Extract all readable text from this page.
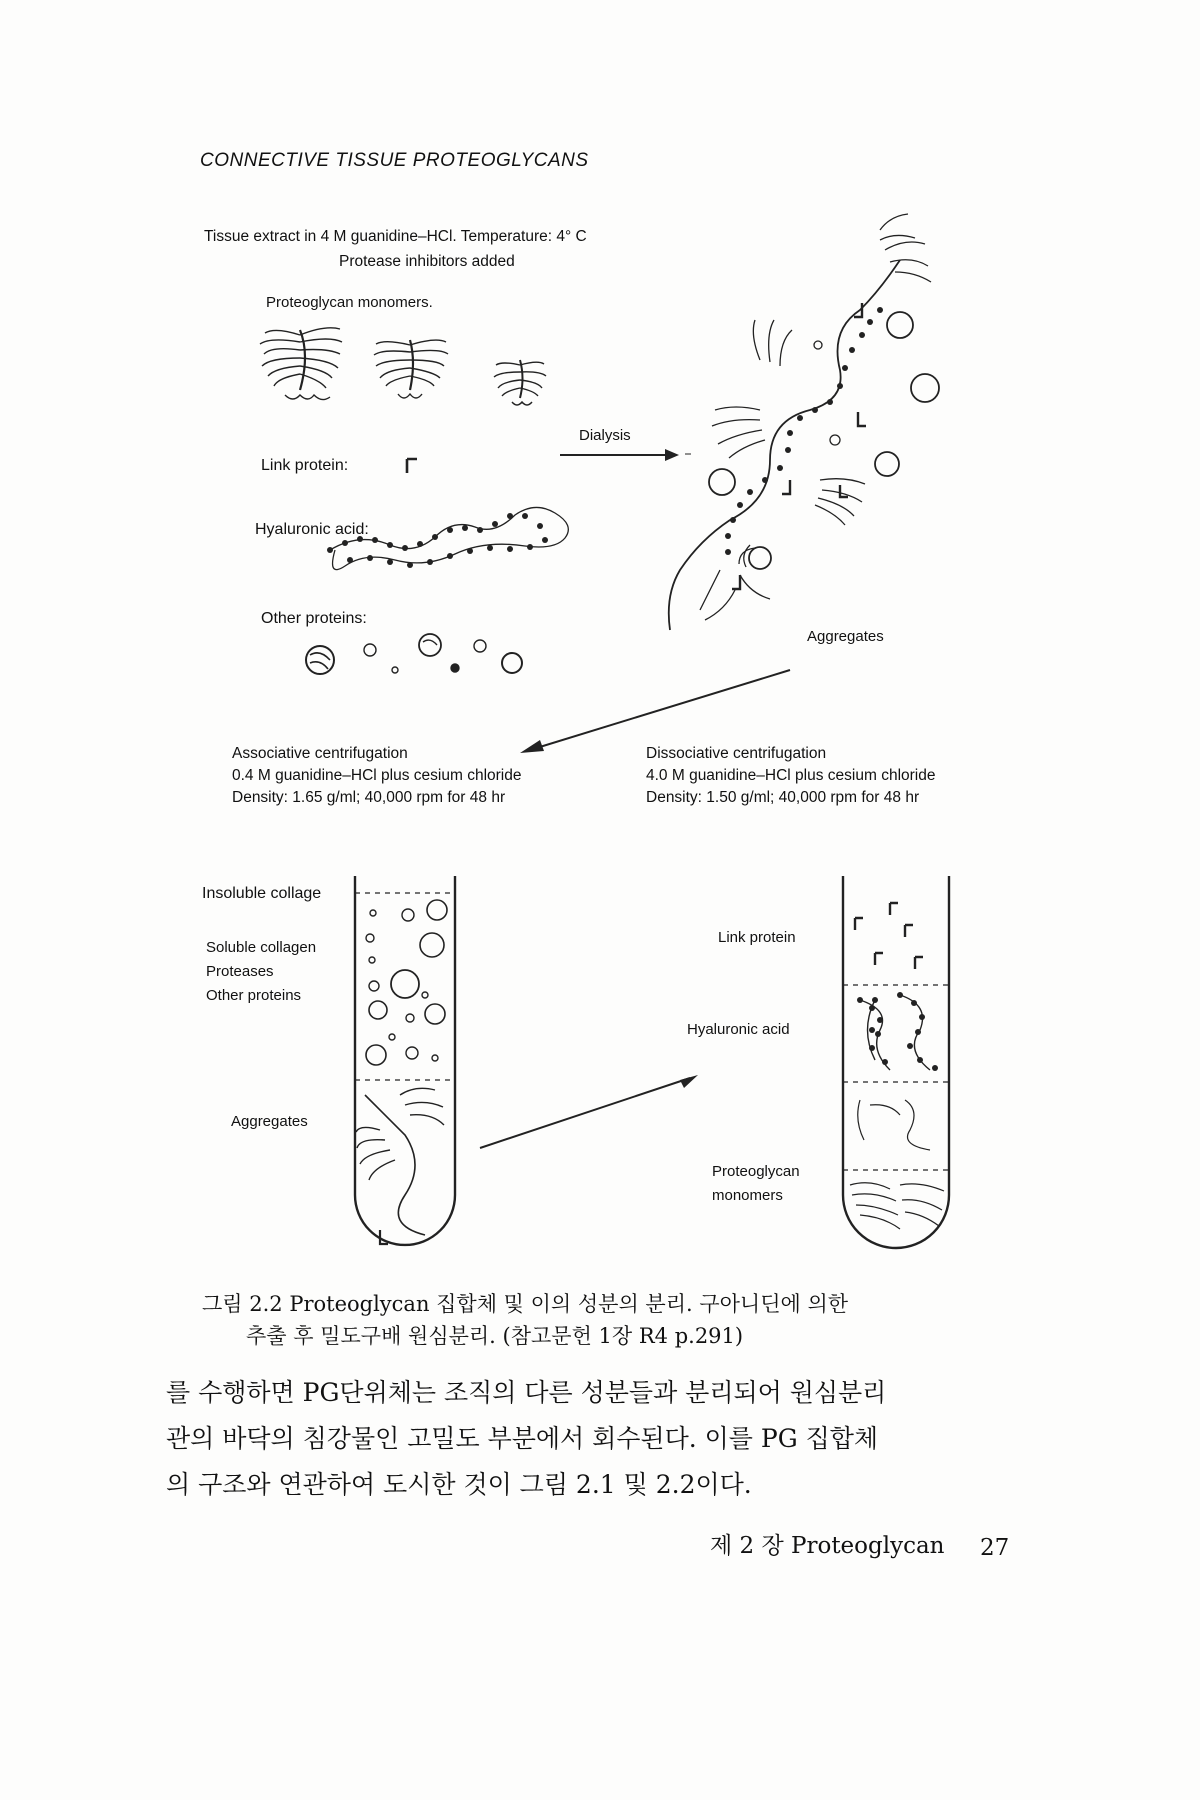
CONNECTIVE TISSUE PROTEOGLYCANS
Tissue extract in 4 M guanidine–HCl. Temperature: 4° C
Protease inhibitors added
Proteoglycan monomers.
Link protein:
Hyaluronic acid:
Other proteins:
Dialysis
Aggregates
Associative centrifugation
0.4 M guanidine–HCl plus cesium chloride
Density: 1.65 g/ml; 40,000 rpm for 48 hr
Dissociative centrifugation
4.0 M guanidine–HCl plus cesium chloride
Density: 1.50 g/ml; 40,000 rpm for 48 hr
Insoluble collage
Soluble collagen
Proteases
Other proteins
Aggregates
Link protein
Hyaluronic acid
Proteoglycan
monomers
그림 2.2 Proteoglycan 집합체 및 이의 성분의 분리. 구아니딘에 의한
추출 후 밀도구배 원심분리. (참고문헌 1장 R4 p.291)
를 수행하면 PG단위체는 조직의 다른 성분들과 분리되어 원심분리
관의 바닥의 침강물인 고밀도 부분에서 회수된다. 이를 PG 집합체
의 구조와 연관하여 도시한 것이 그림 2.1 및 2.2이다.
제 2 장 Proteoglycan 27
